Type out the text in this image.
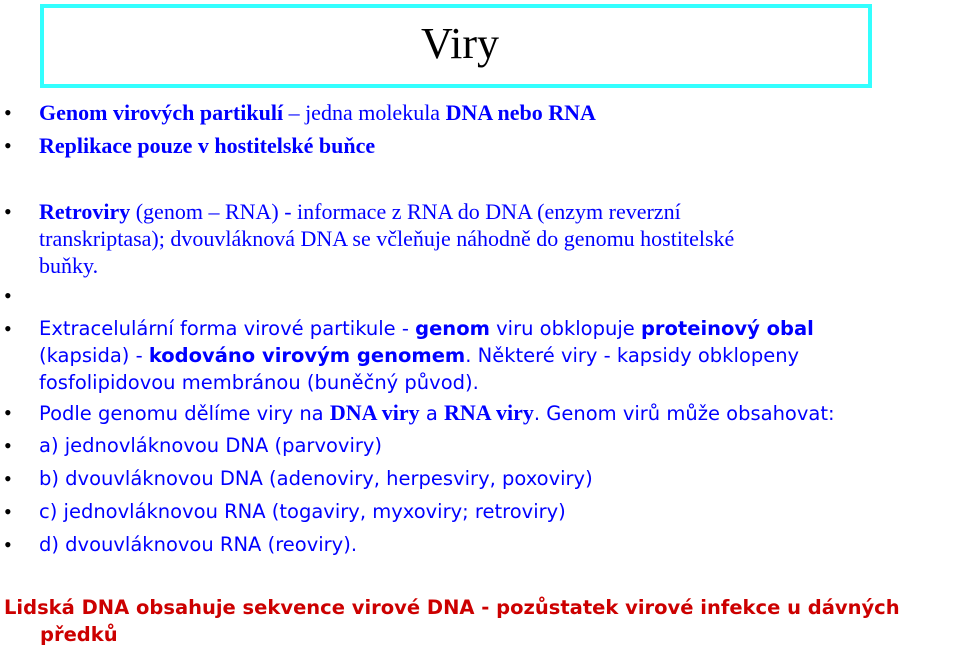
Viry
• Genom virových partikulí – jedna molekula DNA nebo RNA
• Replikace pouze v hostitelské buňce
• Retroviry (genom – RNA) - informace z RNA do DNA (enzym reverzní
transkriptasa); dvouvláknová DNA se včleňuje náhodně do genomu hostitelské
buňky.
•
• Extracelulární forma virové partikule - genom viru obklopuje proteinový obal
(kapsida) - kodováno virovým genomem. Některé viry - kapsidy obklopeny
fosfolipidovou membránou (buněčný původ).
• Podle genomu dělíme viry na DNA viry a RNA viry. Genom virů může obsahovat:
• a) jednovláknovou DNA (parvoviry)
• b) dvouvláknovou DNA (adenoviry, herpesviry, poxoviry)
• c) jednovláknovou RNA (togaviry, myxoviry; retroviry)
• d) dvouvláknovou RNA (reoviry).
Lidská DNA obsahuje sekvence virové DNA - pozůstatek virové infekce u dávných
předků
